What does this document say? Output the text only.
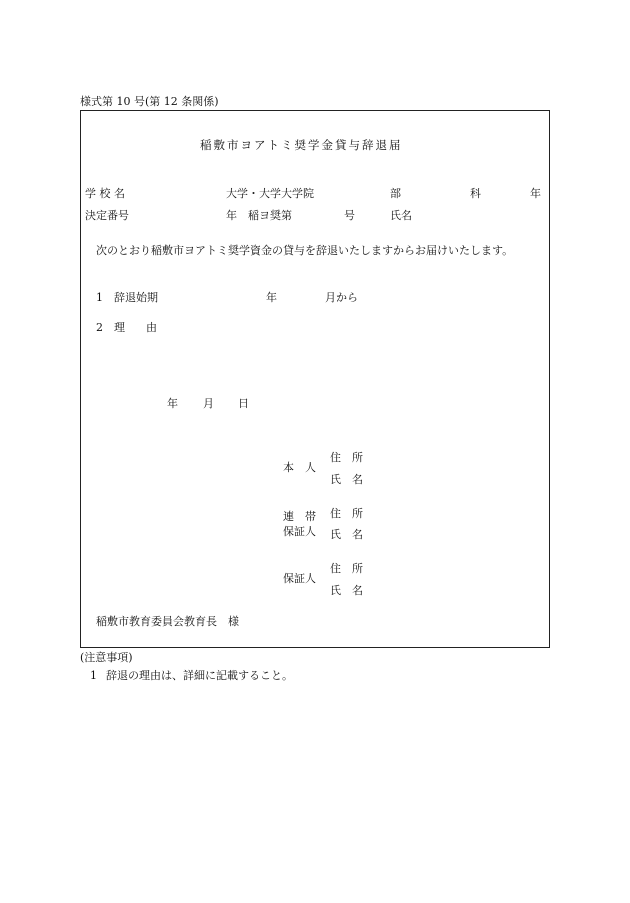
様式第 10 号(第 12 条関係)
稲敷市ヨアトミ奨学金貸与辞退届
学 校 名	大学・大学大学院	部	科	年
決定番号	年 稲ヨ奨第	号	氏名
次のとおり稲敷市ヨアトミ奨学資金の貸与を辞退いたしますからお届けいたします。
1 辞退始期	年	月から
2 理　由
年 月 日
本　人
住　所
氏　名
連　帯
保証人
住　所
氏　名
保証人
住　所
氏　名
稲敷市教育委員会教育長　様
(注意事項)
1 辞退の理由は、詳細に記載すること。
